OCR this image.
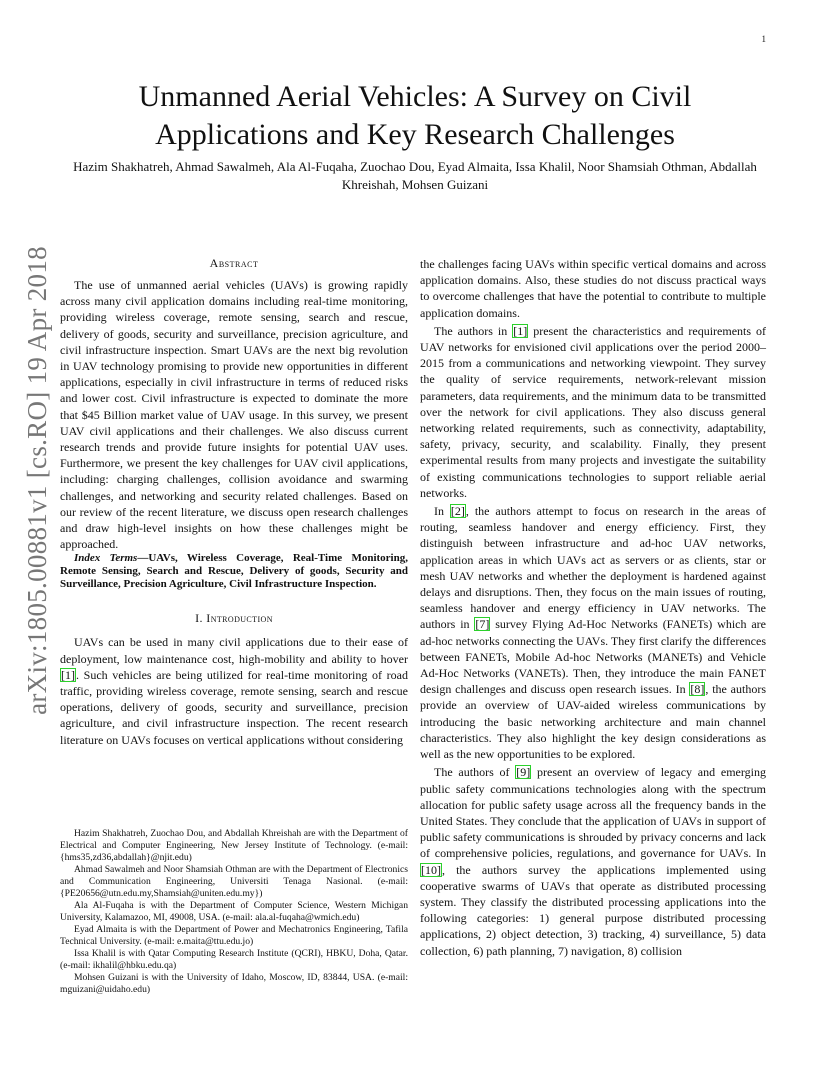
1
arXiv:1805.00881v1 [cs.RO] 19 Apr 2018
Unmanned Aerial Vehicles: A Survey on Civil Applications and Key Research Challenges
Hazim Shakhatreh, Ahmad Sawalmeh, Ala Al-Fuqaha, Zuochao Dou, Eyad Almaita, Issa Khalil, Noor Shamsiah Othman, Abdallah Khreishah, Mohsen Guizani
Abstract

The use of unmanned aerial vehicles (UAVs) is growing rapidly across many civil application domains including real-time monitoring, providing wireless coverage, remote sensing, search and rescue, delivery of goods, security and surveillance, precision agriculture, and civil infrastructure inspection. Smart UAVs are the next big revolution in UAV technology promising to provide new opportunities in different applications, especially in civil infrastructure in terms of reduced risks and lower cost. Civil infrastructure is expected to dominate the more that $45 Billion market value of UAV usage. In this survey, we present UAV civil applications and their challenges. We also discuss current research trends and provide future insights for potential UAV uses. Furthermore, we present the key challenges for UAV civil applications, including: charging challenges, collision avoidance and swarming challenges, and networking and security related challenges. Based on our review of the recent literature, we discuss open research challenges and draw high-level insights on how these challenges might be approached.

Index Terms—UAVs, Wireless Coverage, Real-Time Monitoring, Remote Sensing, Search and Rescue, Delivery of goods, Security and Surveillance, Precision Agriculture, Civil Infrastructure Inspection.

I. Introduction

UAVs can be used in many civil applications due to their ease of deployment, low maintenance cost, high-mobility and ability to hover [1]. Such vehicles are being utilized for real-time monitoring of road traffic, providing wireless coverage, remote sensing, search and rescue operations, delivery of goods, security and surveillance, precision agriculture, and civil infrastructure inspection. The recent research literature on UAVs focuses on vertical applications without considering

Hazim Shakhatreh, Zuochao Dou, and Abdallah Khreishah are with the Department of Electrical and Computer Engineering, New Jersey Institute of Technology. (e-mail: {hms35,zd36,abdallah}@njit.edu)

Ahmad Sawalmeh and Noor Shamsiah Othman are with the Department of Electronics and Communication Engineering, Universiti Tenaga Nasional. (e-mail: {PE20656@utn.edu.my,Shamsiah@uniten.edu.my})

Ala Al-Fuqaha is with the Department of Computer Science, Western Michigan University, Kalamazoo, MI, 49008, USA. (e-mail: ala.al-fuqaha@wmich.edu)

Eyad Almaita is with the Department of Power and Mechatronics Engineering, Tafila Technical University. (e-mail: e.maita@ttu.edu.jo)

Issa Khalil is with Qatar Computing Research Institute (QCRI), HBKU, Doha, Qatar. (e-mail: ikhalil@hbku.edu.qa)

Mohsen Guizani is with the University of Idaho, Moscow, ID, 83844, USA. (e-mail: mguizani@uidaho.edu)

the challenges facing UAVs within specific vertical domains and across application domains. Also, these studies do not discuss practical ways to overcome challenges that have the potential to contribute to multiple application domains.

The authors in [1] present the characteristics and requirements of UAV networks for envisioned civil applications over the period 2000–2015 from a communications and networking viewpoint. They survey the quality of service requirements, network-relevant mission parameters, data requirements, and the minimum data to be transmitted over the network for civil applications. They also discuss general networking related requirements, such as connectivity, adaptability, safety, privacy, security, and scalability. Finally, they present experimental results from many projects and investigate the suitability of existing communications technologies to support reliable aerial networks.

In [2], the authors attempt to focus on research in the areas of routing, seamless handover and energy efficiency. First, they distinguish between infrastructure and ad-hoc UAV networks, application areas in which UAVs act as servers or as clients, star or mesh UAV networks and whether the deployment is hardened against delays and disruptions. Then, they focus on the main issues of routing, seamless handover and energy efficiency in UAV networks. The authors in [7] survey Flying Ad-Hoc Networks (FANETs) which are ad-hoc networks connecting the UAVs. They first clarify the differences between FANETs, Mobile Ad-hoc Networks (MANETs) and Vehicle Ad-Hoc Networks (VANETs). Then, they introduce the main FANET design challenges and discuss open research issues. In [8], the authors provide an overview of UAV-aided wireless communications by introducing the basic networking architecture and main channel characteristics. They also highlight the key design considerations as well as the new opportunities to be explored.

The authors of [9] present an overview of legacy and emerging public safety communications technologies along with the spectrum allocation for public safety usage across all the frequency bands in the United States. They conclude that the application of UAVs in support of public safety communications is shrouded by privacy concerns and lack of comprehensive policies, regulations, and governance for UAVs. In [10], the authors survey the applications implemented using cooperative swarms of UAVs that operate as distributed processing system. They classify the distributed processing applications into the following categories: 1) general purpose distributed processing applications, 2) object detection, 3) tracking, 4) surveillance, 5) data collection, 6) path planning, 7) navigation, 8) collision
